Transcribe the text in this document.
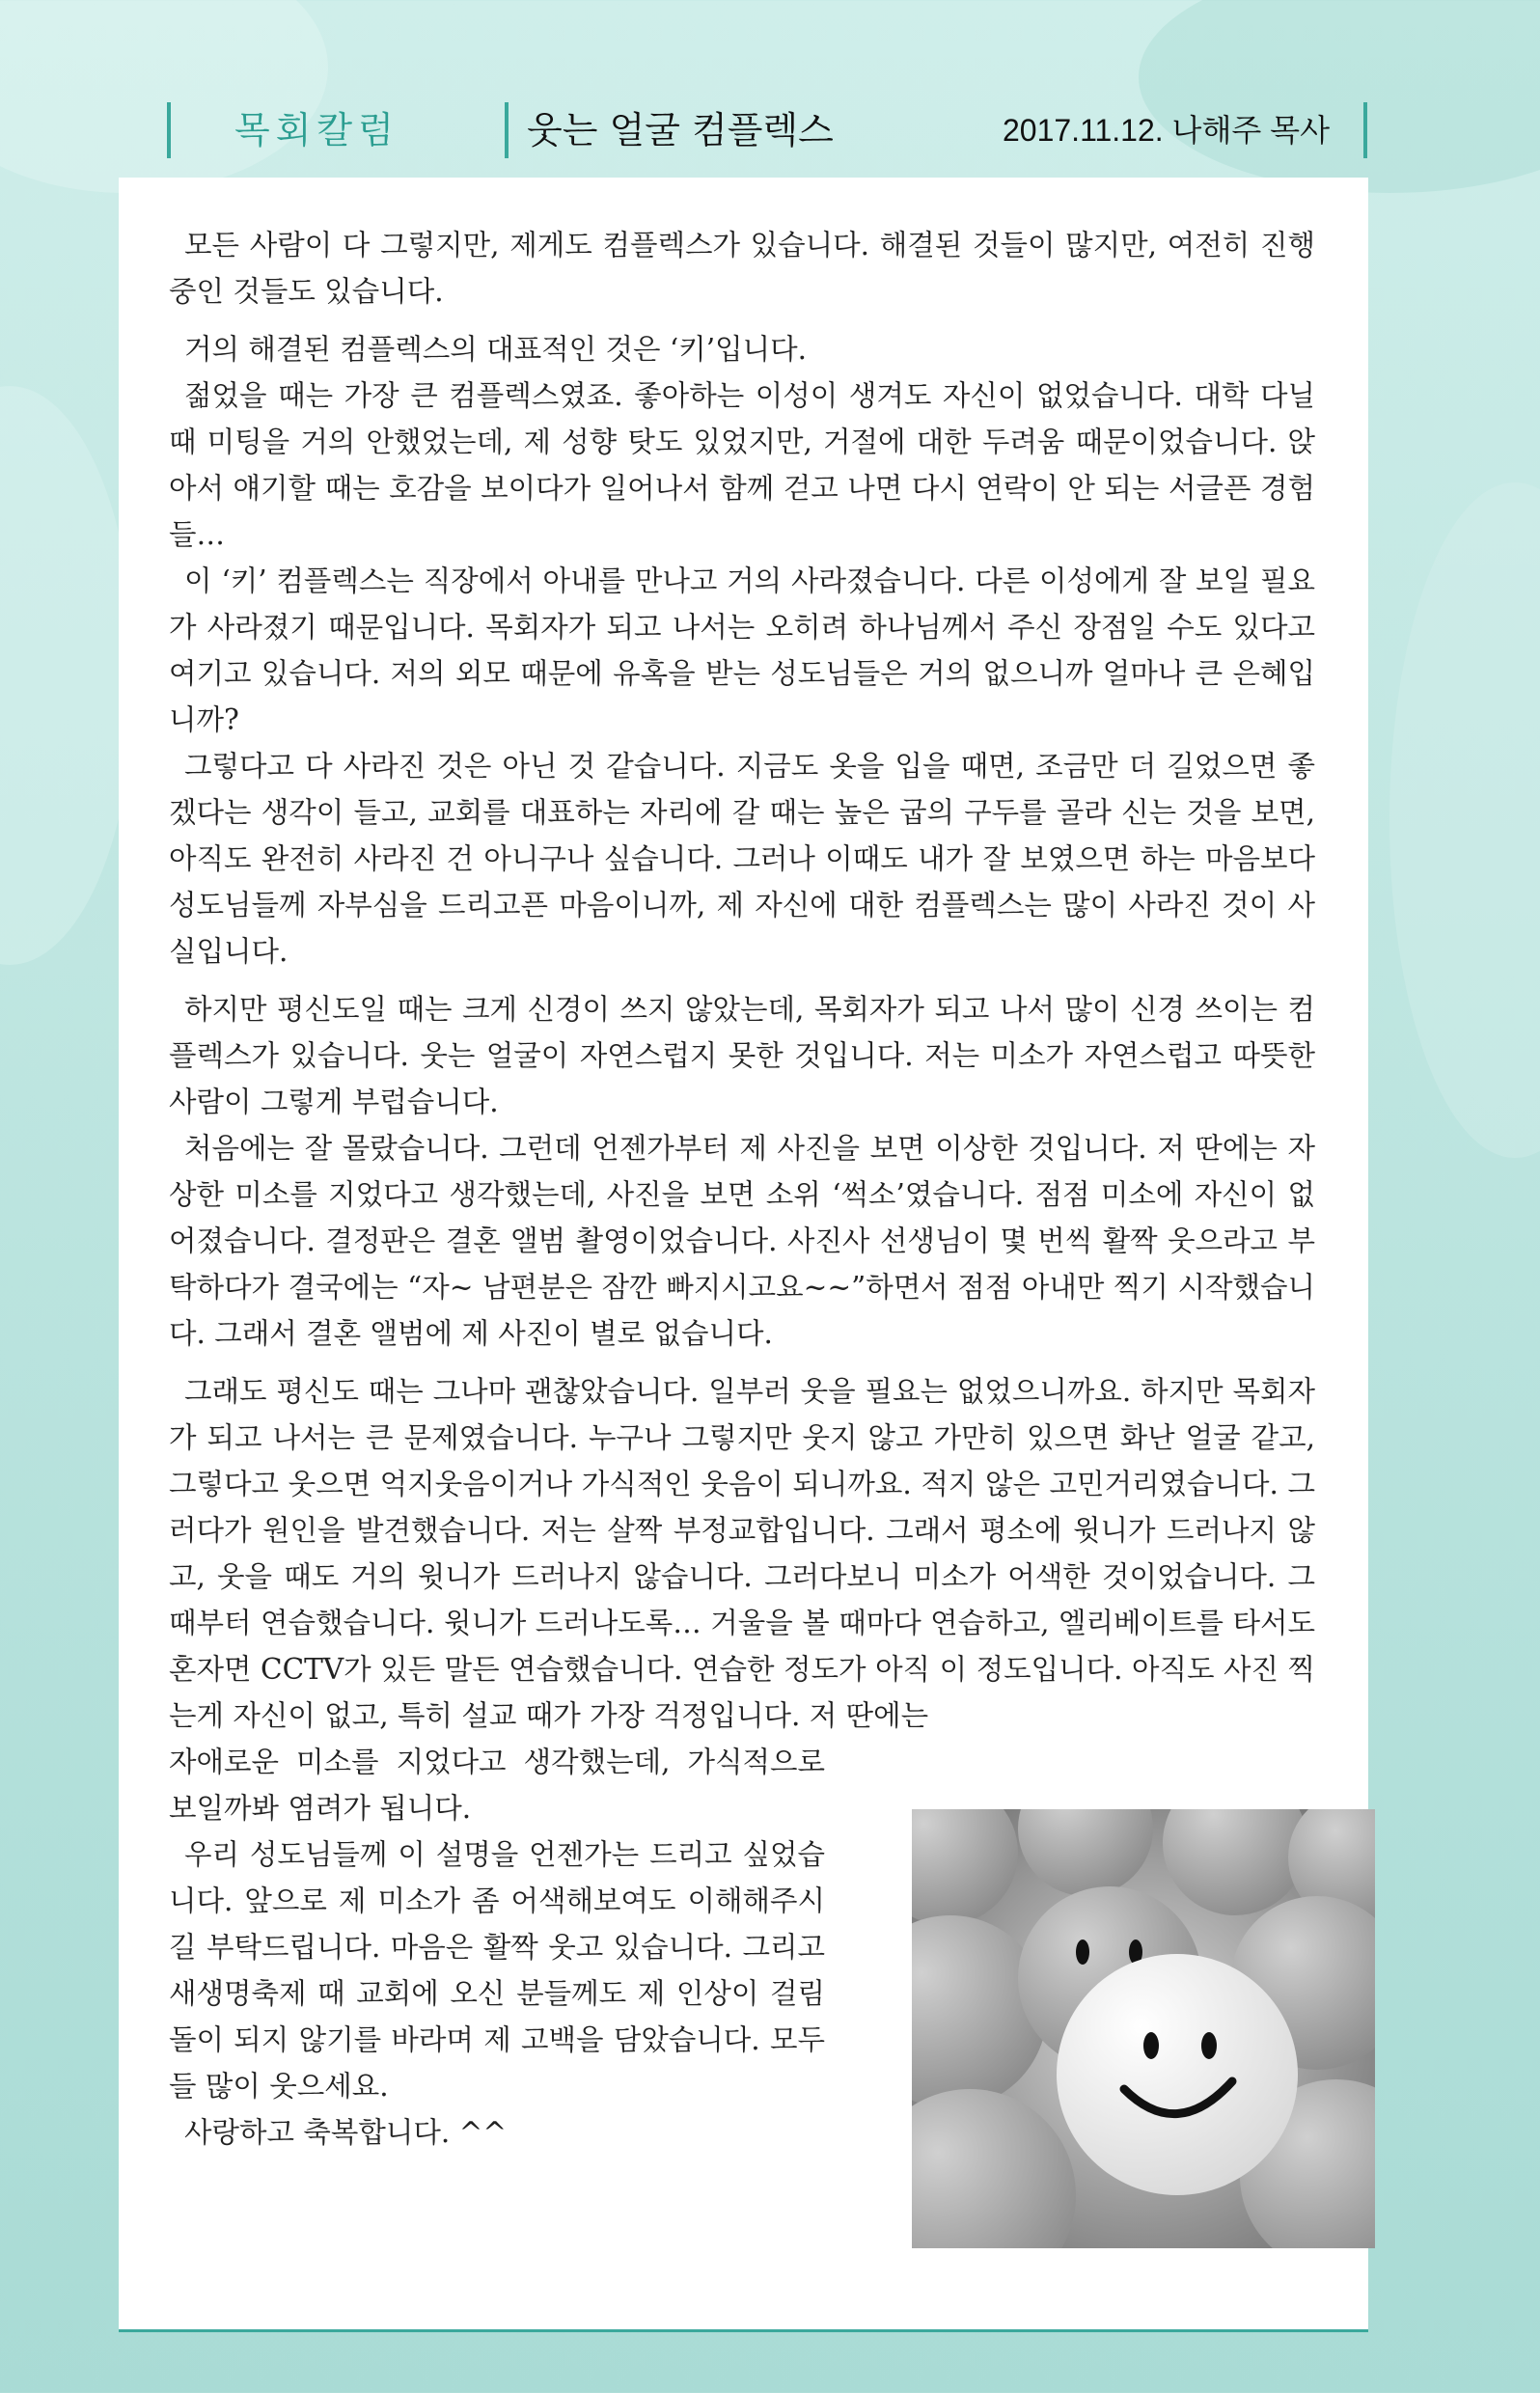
목회칼럼	웃는 얼굴 컴플렉스	2017.11.12. 나해주 목사

모든 사람이 다 그렇지만, 제게도 컴플렉스가 있습니다. 해결된 것들이 많지만, 여전히 진행 중인 것들도 있습니다.

거의 해결된 컴플렉스의 대표적인 것은 ‘키’입니다.

젊었을 때는 가장 큰 컴플렉스였죠. 좋아하는 이성이 생겨도 자신이 없었습니다. 대학 다닐 때 미팅을 거의 안했었는데, 제 성향 탓도 있었지만, 거절에 대한 두려움 때문이었습니다. 앉아서 얘기할 때는 호감을 보이다가 일어나서 함께 걷고 나면 다시 연락이 안 되는 서글픈 경험들…

이 ‘키’ 컴플렉스는 직장에서 아내를 만나고 거의 사라졌습니다. 다른 이성에게 잘 보일 필요가 사라졌기 때문입니다. 목회자가 되고 나서는 오히려 하나님께서 주신 장점일 수도 있다고 여기고 있습니다. 저의 외모 때문에 유혹을 받는 성도님들은 거의 없으니까 얼마나 큰 은혜입니까?

그렇다고 다 사라진 것은 아닌 것 같습니다. 지금도 옷을 입을 때면, 조금만 더 길었으면 좋겠다는 생각이 들고, 교회를 대표하는 자리에 갈 때는 높은 굽의 구두를 골라 신는 것을 보면, 아직도 완전히 사라진 건 아니구나 싶습니다. 그러나 이때도 내가 잘 보였으면 하는 마음보다 성도님들께 자부심을 드리고픈 마음이니까, 제 자신에 대한 컴플렉스는 많이 사라진 것이 사실입니다.

하지만 평신도일 때는 크게 신경이 쓰지 않았는데, 목회자가 되고 나서 많이 신경 쓰이는 컴플렉스가 있습니다. 웃는 얼굴이 자연스럽지 못한 것입니다. 저는 미소가 자연스럽고 따뜻한 사람이 그렇게 부럽습니다.

처음에는 잘 몰랐습니다. 그런데 언젠가부터 제 사진을 보면 이상한 것입니다. 저 딴에는 자상한 미소를 지었다고 생각했는데, 사진을 보면 소위 ‘썩소’였습니다. 점점 미소에 자신이 없어졌습니다. 결정판은 결혼 앨범 촬영이었습니다. 사진사 선생님이 몇 번씩 활짝 웃으라고 부탁하다가 결국에는 “자~ 남편분은 잠깐 빠지시고요~~”하면서 점점 아내만 찍기 시작했습니다. 그래서 결혼 앨범에 제 사진이 별로 없습니다.

그래도 평신도 때는 그나마 괜찮았습니다. 일부러 웃을 필요는 없었으니까요. 하지만 목회자가 되고 나서는 큰 문제였습니다. 누구나 그렇지만 웃지 않고 가만히 있으면 화난 얼굴 같고, 그렇다고 웃으면 억지웃음이거나 가식적인 웃음이 되니까요. 적지 않은 고민거리였습니다. 그러다가 원인을 발견했습니다. 저는 살짝 부정교합입니다. 그래서 평소에 윗니가 드러나지 않고, 웃을 때도 거의 윗니가 드러나지 않습니다. 그러다보니 미소가 어색한 것이었습니다. 그 때부터 연습했습니다. 윗니가 드러나도록… 거울을 볼 때마다 연습하고, 엘리베이트를 타서도 혼자면 CCTV가 있든 말든 연습했습니다. 연습한 정도가 아직 이 정도입니다. 아직도 사진 찍는게 자신이 없고, 특히 설교 때가 가장 걱정입니다. 저 딴에는

자애로운 미소를 지었다고 생각했는데, 가식적으로 보일까봐 염려가 됩니다.

우리 성도님들께 이 설명을 언젠가는 드리고 싶었습니다. 앞으로 제 미소가 좀 어색해보여도 이해해주시길 부탁드립니다. 마음은 활짝 웃고 있습니다. 그리고 새생명축제 때 교회에 오신 분들께도 제 인상이 걸림돌이 되지 않기를 바라며 제 고백을 담았습니다. 모두들 많이 웃으세요.

사랑하고 축복합니다. ^^
